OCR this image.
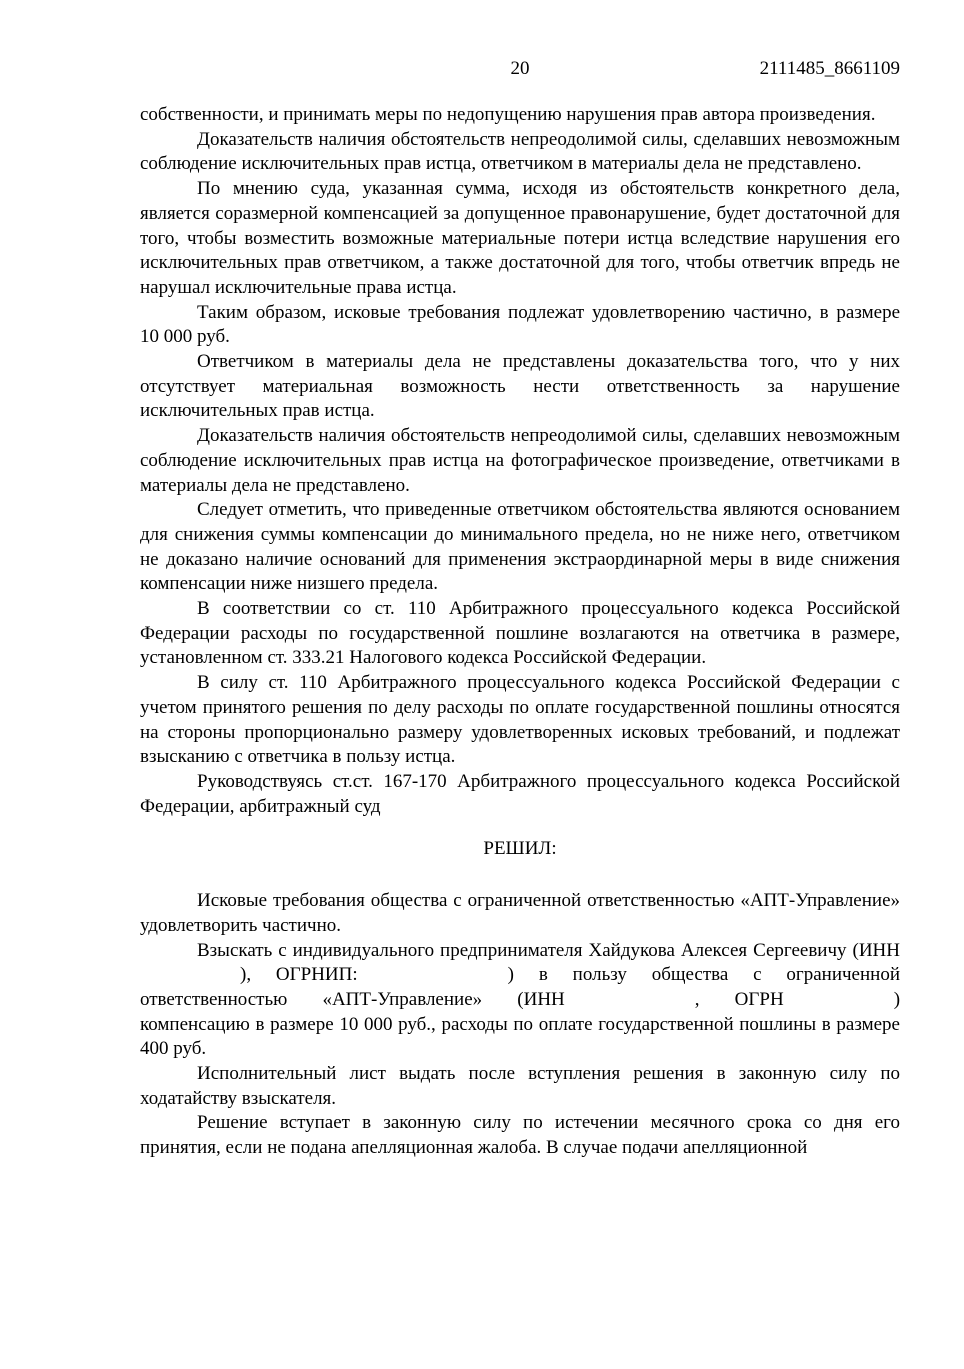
20	2111485_8661109

собственности, и принимать меры по недопущению нарушения прав автора произведения.

Доказательств наличия обстоятельств непреодолимой силы, сделавших невозможным соблюдение исключительных прав истца, ответчиком в материалы дела не представлено.

По мнению суда, указанная сумма, исходя из обстоятельств конкретного дела, является соразмерной компенсацией за допущенное правонарушение, будет достаточной для того, чтобы возместить возможные материальные потери истца вследствие нарушения его исключительных прав ответчиком, а также достаточной для того, чтобы ответчик впредь не нарушал исключительные права истца.

Таким образом, исковые требования подлежат удовлетворению частично, в размере 10 000 руб.

Ответчиком в материалы дела не представлены доказательства того, что у них отсутствует материальная возможность нести ответственность за нарушение исключительных прав истца.

Доказательств наличия обстоятельств непреодолимой силы, сделавших невозможным соблюдение исключительных прав истца на фотографическое произведение, ответчиками в материалы дела не представлено.

Следует отметить, что приведенные ответчиком обстоятельства являются основанием для снижения суммы компенсации до минимального предела, но не ниже него, ответчиком не доказано наличие оснований для применения экстраординарной меры в виде снижения компенсации ниже низшего предела.

В соответствии со ст. 110 Арбитражного процессуального кодекса Российской Федерации расходы по государственной пошлине возлагаются на ответчика в размере, установленном ст. 333.21 Налогового кодекса Российской Федерации.

В силу ст. 110 Арбитражного процессуального кодекса Российской Федерации с учетом принятого решения по делу расходы по оплате государственной пошлины относятся на стороны пропорционально размеру удовлетворенных исковых требований, и подлежат взысканию с ответчика в пользу истца.

Руководствуясь ст.ст. 167-170 Арбитражного процессуального кодекса Российской Федерации, арбитражный суд

РЕШИЛ:

Исковые требования общества с ограниченной ответственностью «АПТ-Управление» удовлетворить частично.

Взыскать с индивидуального предпринимателя Хайдукова Алексея Сергеевичу (ИНН), ОГРНИП:	) в пользу общества с ограниченной ответственностью «АПТ-Управление» (ИНН	, ОГРН	) компенсацию в размере 10 000 руб., расходы по оплате государственной пошлины в размере 400 руб.

Исполнительный лист выдать после вступления решения в законную силу по ходатайству взыскателя.

Решение вступает в законную силу по истечении месячного срока со дня его принятия, если не подана апелляционная жалоба. В случае подачи апелляционной
